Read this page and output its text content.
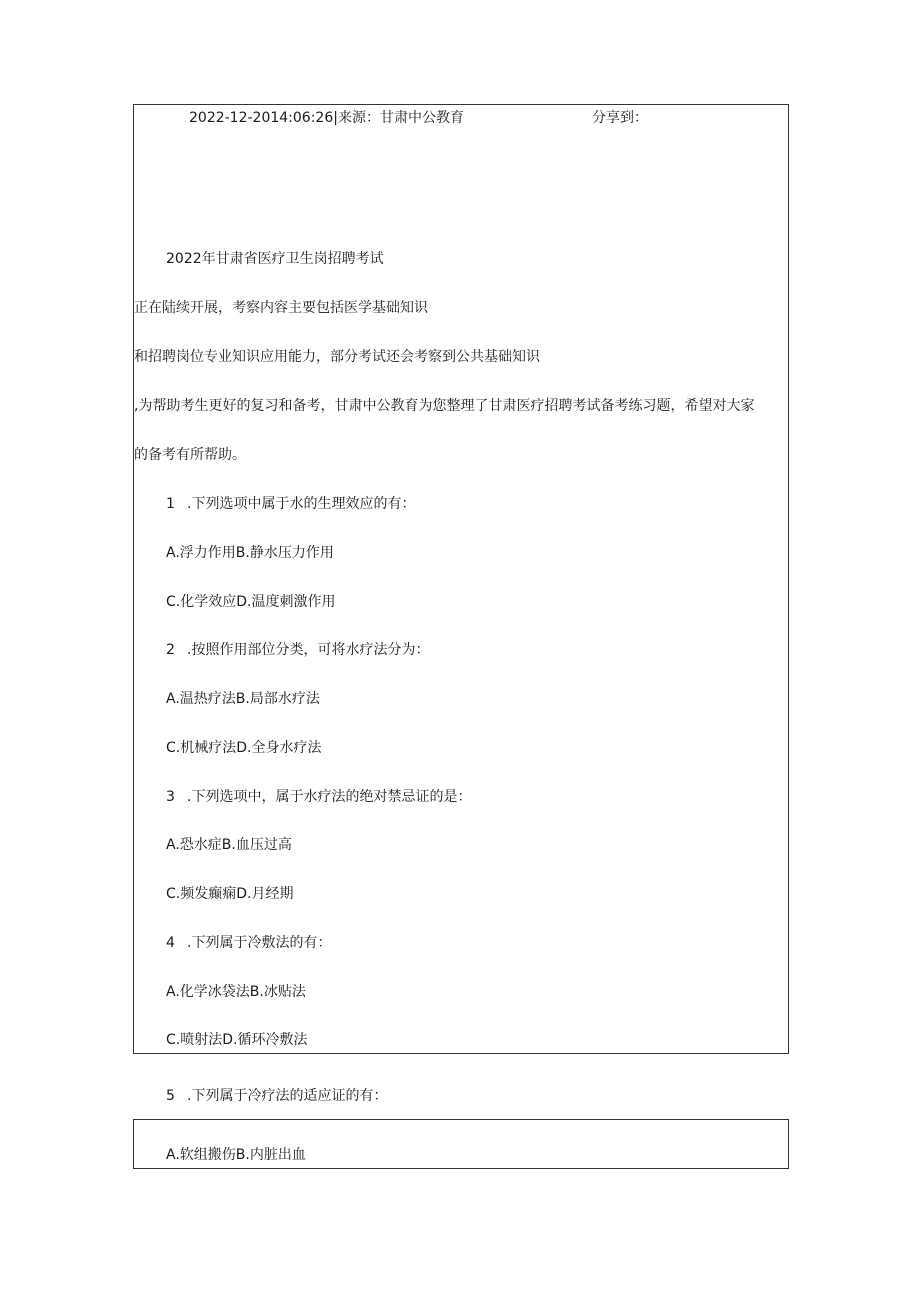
2022-12-2014:06:26|来源：甘肃中公教育	分享到：
2022年甘肃省医疗卫生岗招聘考试
正在陆续开展，考察内容主要包括医学基础知识
和招聘岗位专业知识应用能力，部分考试还会考察到公共基础知识
,为帮助考生更好的复习和备考，甘肃中公教育为您整理了甘肃医疗招聘考试备考练习题，希望对大家
的备考有所帮助。
1 .下列选项中属于水的生理效应的有：
A.浮力作用B.静水压力作用
C.化学效应D.温度刺激作用
2 .按照作用部位分类，可将水疗法分为：
A.温热疗法B.局部水疗法
C.机械疗法D.全身水疗法
3 .下列选项中，属于水疗法的绝对禁忌证的是：
A.恐水症B.血压过高
C.频发癫痫D.月经期
4 .下列属于冷敷法的有：
A.化学冰袋法B.冰贴法
C.喷射法D.循环冷敷法
5 .下列属于冷疗法的适应证的有：
A.软组搬伤B.内脏出血
